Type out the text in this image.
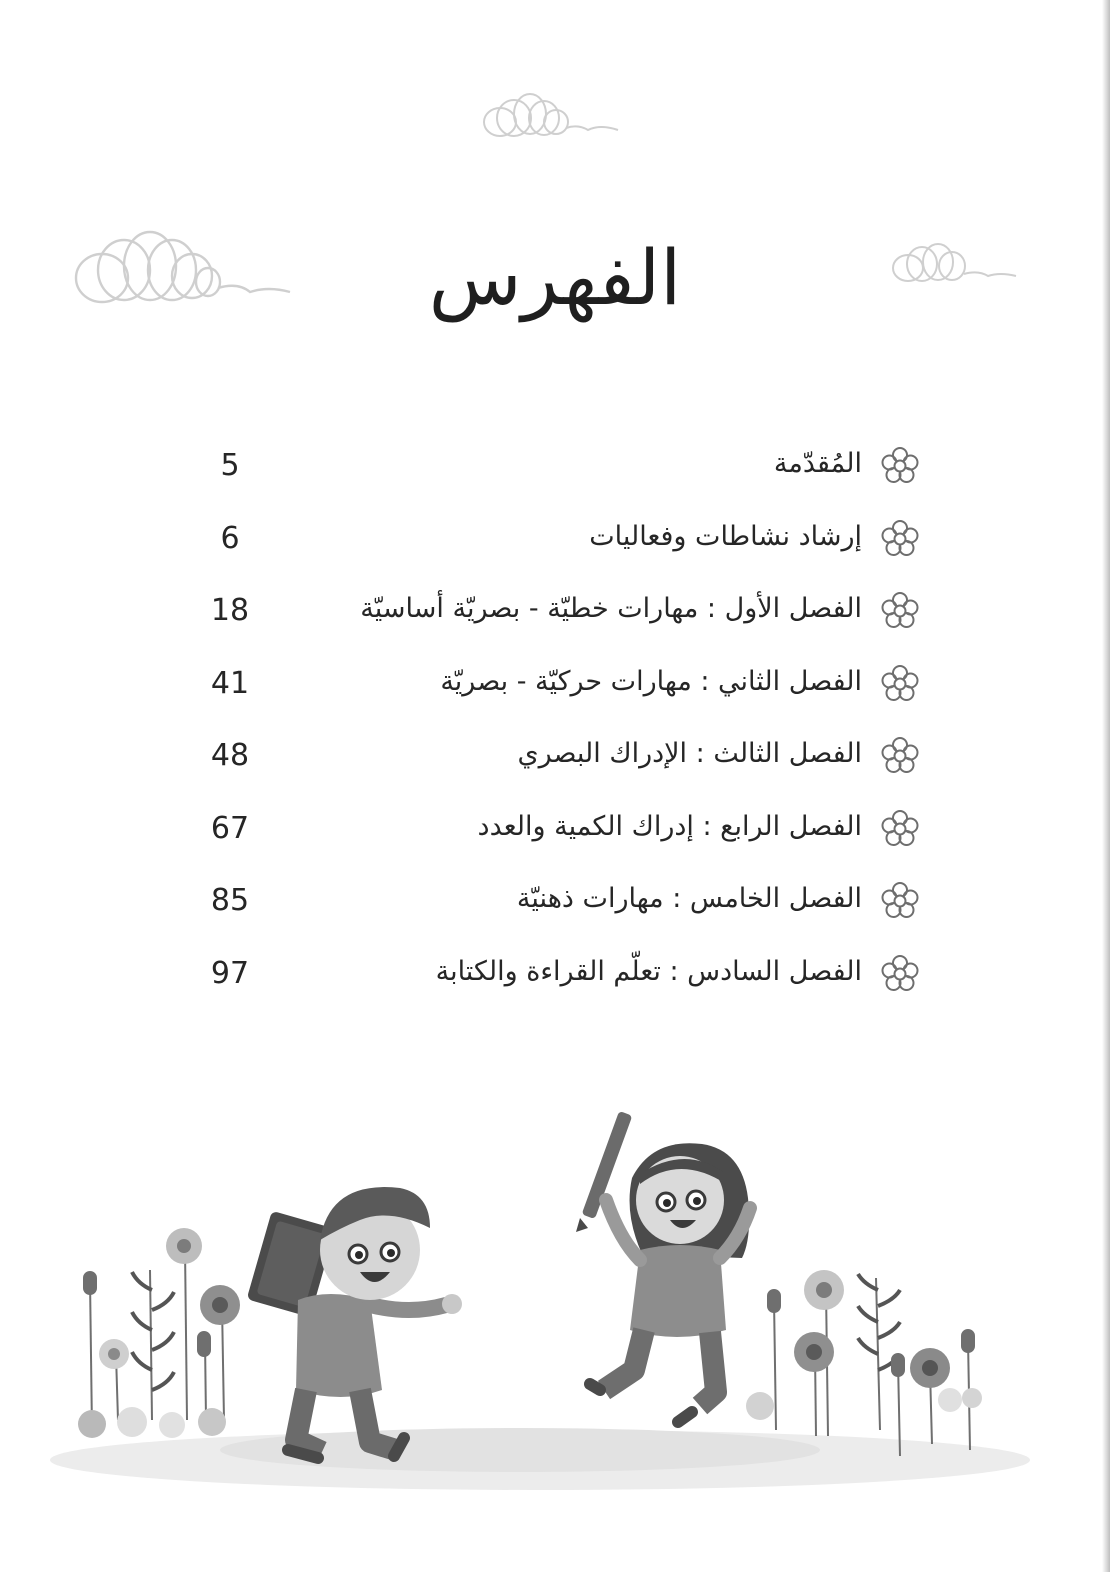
الفهرس
المُقدّمة
5
إرشاد نشاطات وفعاليات
6
الفصل الأول : مهارات خطيّة - بصريّة أساسيّة
18
الفصل الثاني : مهارات حركيّة - بصريّة
41
الفصل الثالث : الإدراك البصري
48
الفصل الرابع : إدراك الكمية والعدد
67
الفصل الخامس : مهارات ذهنيّة
85
الفصل السادس : تعلّم القراءة والكتابة
97
